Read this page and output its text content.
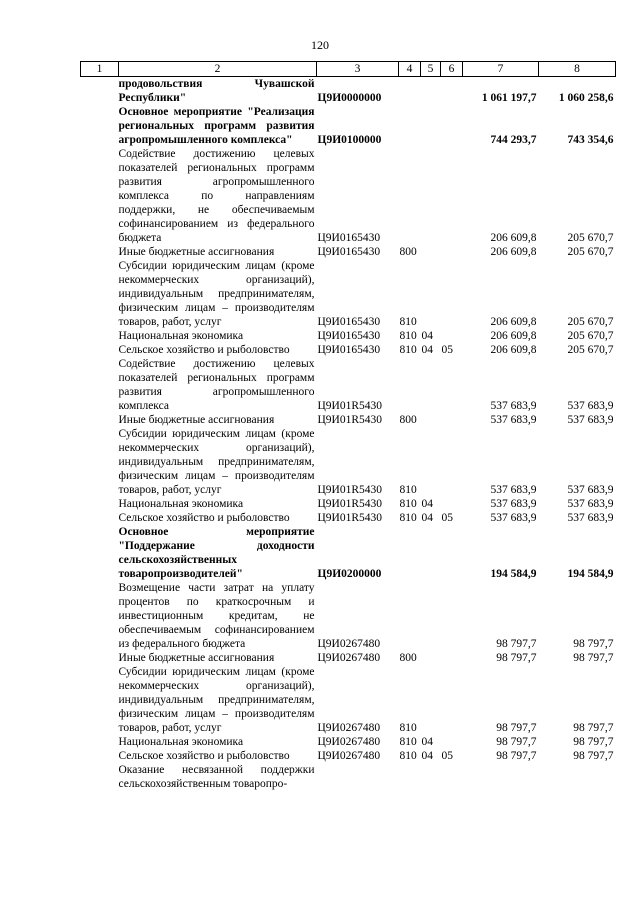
120
1	2	3	4	5	6	7	8
	продовольствия Чувашской Республики"	Ц9И0000000				1 061 197,7	1 060 258,6
	Основное мероприятие "Реализация региональных программ развития агропромышленного комплекса"	Ц9И0100000				744 293,7	743 354,6
	Содействие достижению целевых показателей региональных программ развития агропромышленного комплекса по направлениям поддержки, не обеспечиваемым софинансированием из федерального бюджета	Ц9И0165430				206 609,8	205 670,7
	Иные бюджетные ассигнования	Ц9И0165430	800			206 609,8	205 670,7
	Субсидии юридическим лицам (кроме некоммерческих организаций), индивидуальным предпринимателям, физическим лицам – производителям товаров, работ, услуг	Ц9И0165430	810			206 609,8	205 670,7
	Национальная экономика	Ц9И0165430	810	04		206 609,8	205 670,7
	Сельское хозяйство и рыболовство	Ц9И0165430	810	04	05	206 609,8	205 670,7
	Содействие достижению целевых показателей региональных программ развития агропромышленного комплекса	Ц9И01R5430				537 683,9	537 683,9
	Иные бюджетные ассигнования	Ц9И01R5430	800			537 683,9	537 683,9
	Субсидии юридическим лицам (кроме некоммерческих организаций), индивидуальным предпринимателям, физическим лицам – производителям товаров, работ, услуг	Ц9И01R5430	810			537 683,9	537 683,9
	Национальная экономика	Ц9И01R5430	810	04		537 683,9	537 683,9
	Сельское хозяйство и рыболовство	Ц9И01R5430	810	04	05	537 683,9	537 683,9
	Основное мероприятие "Поддержание доходности сельскохозяйственных товаропроизводителей"	Ц9И0200000				194 584,9	194 584,9
	Возмещение части затрат на уплату процентов по краткосрочным и инвестиционным кредитам, не обеспечиваемым софинансированием из федерального бюджета	Ц9И0267480				98 797,7	98 797,7
	Иные бюджетные ассигнования	Ц9И0267480	800			98 797,7	98 797,7
	Субсидии юридическим лицам (кроме некоммерческих организаций), индивидуальным предпринимателям, физическим лицам – производителям товаров, работ, услуг	Ц9И0267480	810			98 797,7	98 797,7
	Национальная экономика	Ц9И0267480	810	04		98 797,7	98 797,7
	Сельское хозяйство и рыболовство	Ц9И0267480	810	04	05	98 797,7	98 797,7
	Оказание несвязанной поддержки сельскохозяйственным товаропро-						
